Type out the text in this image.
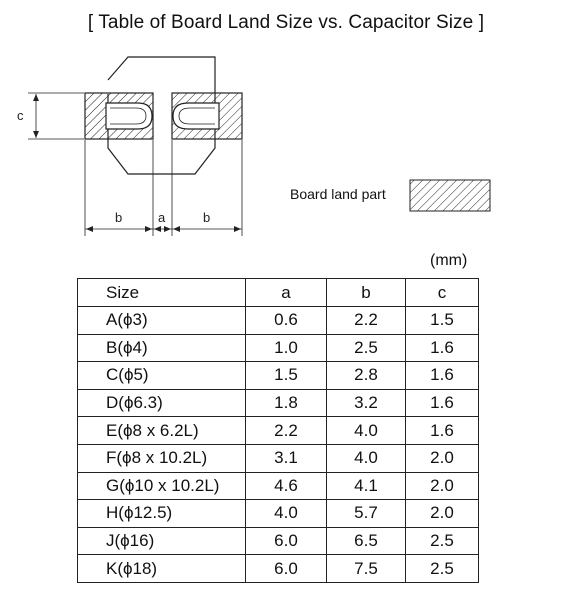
[ Table of Board Land Size vs. Capacitor Size ]
c
b	a	b
Board land part
(mm)
Size	a	b	c
A(ϕ3)	0.6	2.2	1.5
B(ϕ4)	1.0	2.5	1.6
C(ϕ5)	1.5	2.8	1.6
D(ϕ6.3)	1.8	3.2	1.6
E(ϕ8 x 6.2L)	2.2	4.0	1.6
F(ϕ8 x 10.2L)	3.1	4.0	2.0
G(ϕ10 x 10.2L)	4.6	4.1	2.0
H(ϕ12.5)	4.0	5.7	2.0
J(ϕ16)	6.0	6.5	2.5
K(ϕ18)	6.0	7.5	2.5
